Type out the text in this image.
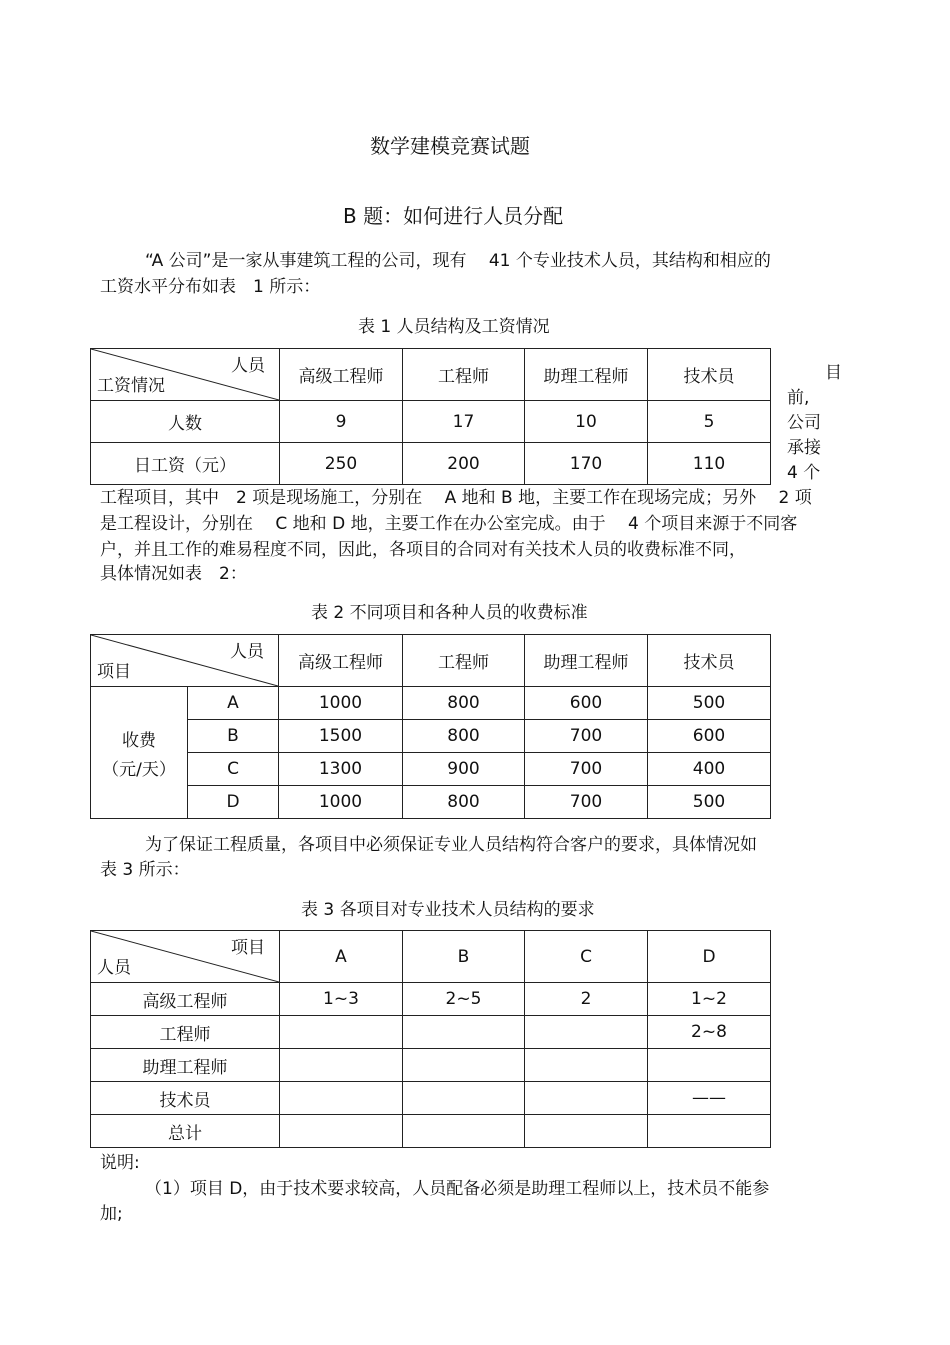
数学建模竞赛试题
B 题：如何进行人员分配
“A 公司”是一家从事建筑工程的公司，现有　 41 个专业技术人员，其结构和相应的
工资水平分布如表　1 所示：
表 1 人员结构及工资情况
人员
工资情况	高级工程师	工程师	助理工程师	技术员
人数	9	17	10	5
日工资（元）	250	200	170	110
目
前,
公司
承接
4 个
工程项目，其中　2 项是现场施工，分别在　 A 地和 B 地，主要工作在现场完成；另外　 2 项
是工程设计，分别在　 C 地和 D 地，主要工作在办公室完成。由于　 4 个项目来源于不同客
户，并且工作的难易程度不同，因此，各项目的合同对有关技术人员的收费标准不同，
具体情况如表　2：
表 2 不同项目和各种人员的收费标准
人员
项目		高级工程师	工程师	助理工程师	技术员

收费
（元/天）	A	1000	800	600	500
	B	1500	800	700	600
	C	1300	900	700	400
	D	1000	800	700	500
为了保证工程质量，各项目中必须保证专业人员结构符合客户的要求，具体情况如
表 3 所示：
表 3 各项目对专业技术人员结构的要求
项目
人员	A	B	C	D
高级工程师	1~3	2~5	2	1~2
工程师				2~8
助理工程师				
技术员				——
总计				
说明:
（1）项目 D，由于技术要求较高，人员配备必须是助理工程师以上，技术员不能参
加;
